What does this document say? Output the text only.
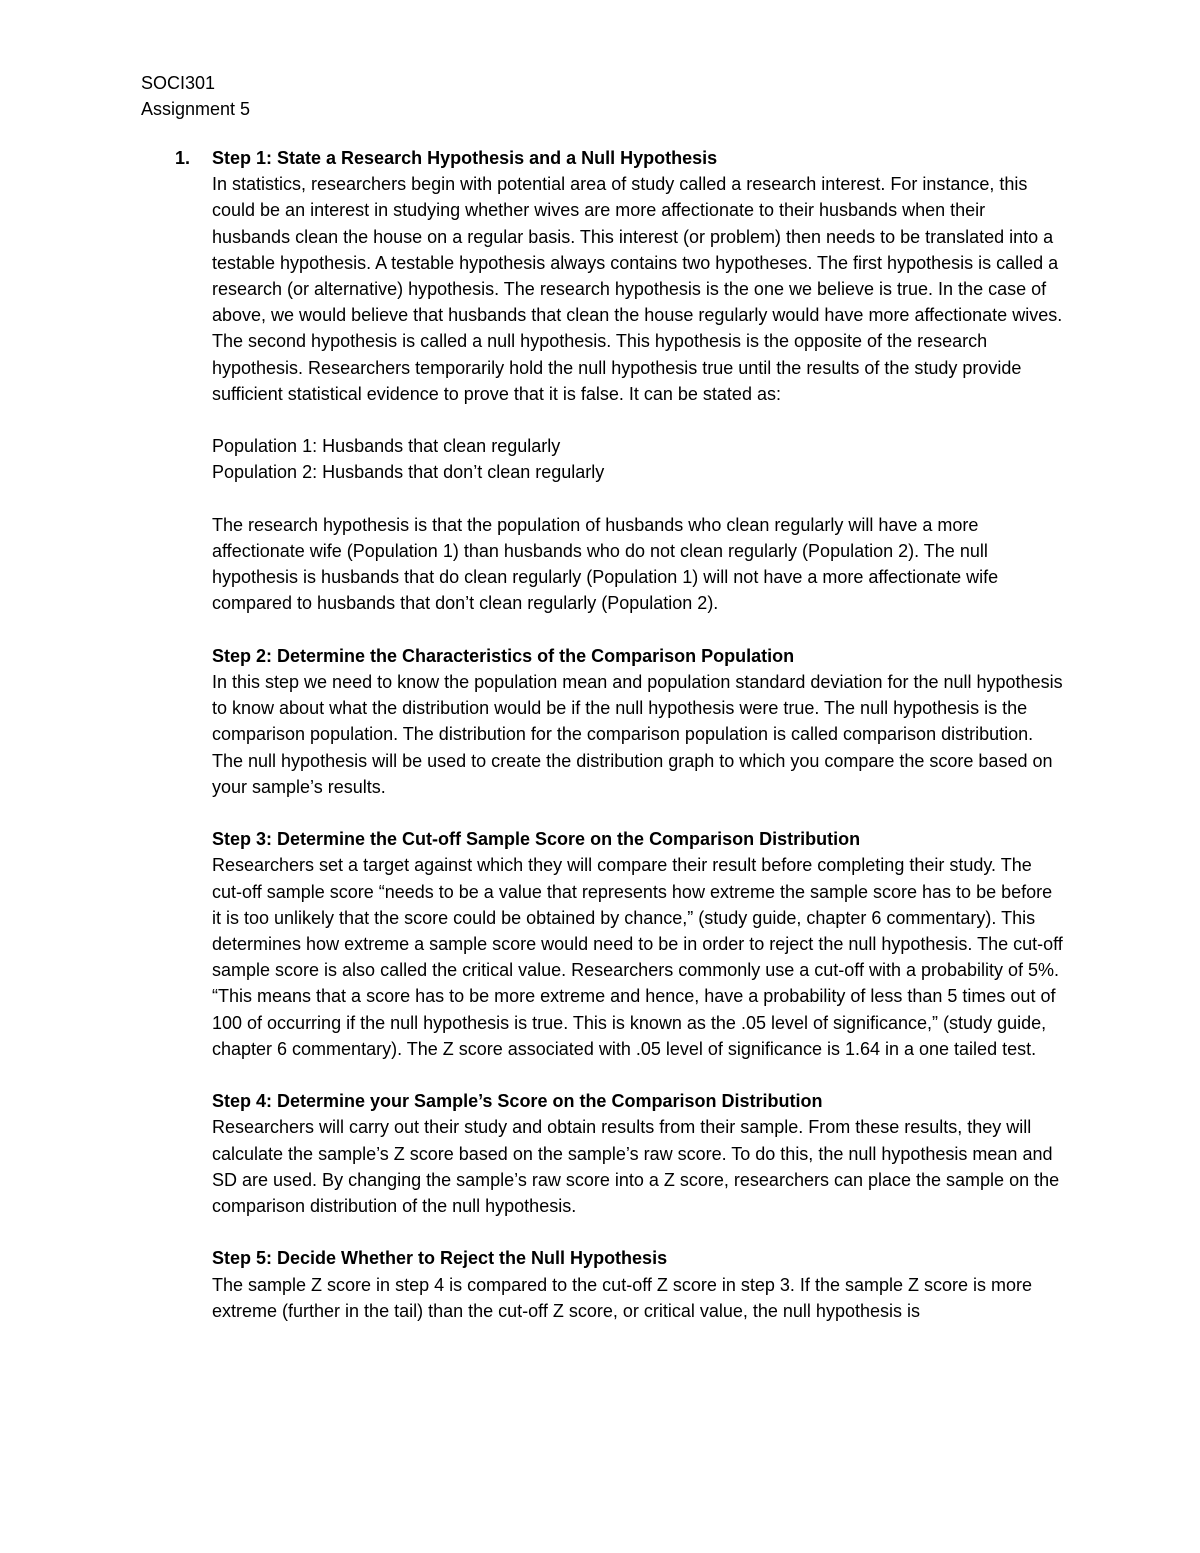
SOCI301
Assignment 5
1. Step 1: State a Research Hypothesis and a Null Hypothesis

In statistics, researchers begin with potential area of study called a research interest. For instance, this could be an interest in studying whether wives are more affectionate to their husbands when their husbands clean the house on a regular basis. This interest (or problem) then needs to be translated into a testable hypothesis. A testable hypothesis always contains two hypotheses. The first hypothesis is called a research (or alternative) hypothesis. The research hypothesis is the one we believe is true. In the case of above, we would believe that husbands that clean the house regularly would have more affectionate wives. The second hypothesis is called a null hypothesis. This hypothesis is the opposite of the research hypothesis. Researchers temporarily hold the null hypothesis true until the results of the study provide sufficient statistical evidence to prove that it is false. It can be stated as:

Population 1: Husbands that clean regularly
Population 2: Husbands that don’t clean regularly

The research hypothesis is that the population of husbands who clean regularly will have a more affectionate wife (Population 1) than husbands who do not clean regularly (Population 2). The null hypothesis is husbands that do clean regularly (Population 1) will not have a more affectionate wife compared to husbands that don’t clean regularly (Population 2).

Step 2: Determine the Characteristics of the Comparison Population

In this step we need to know the population mean and population standard deviation for the null hypothesis to know about what the distribution would be if the null hypothesis were true. The null hypothesis is the comparison population. The distribution for the comparison population is called comparison distribution. The null hypothesis will be used to create the distribution graph to which you compare the score based on your sample’s results.

Step 3: Determine the Cut-off Sample Score on the Comparison Distribution

Researchers set a target against which they will compare their result before completing their study. The cut-off sample score “needs to be a value that represents how extreme the sample score has to be before it is too unlikely that the score could be obtained by chance,” (study guide, chapter 6 commentary). This determines how extreme a sample score would need to be in order to reject the null hypothesis. The cut-off sample score is also called the critical value. Researchers commonly use a cut-off with a probability of 5%. “This means that a score has to be more extreme and hence, have a probability of less than 5 times out of 100 of occurring if the null hypothesis is true. This is known as the .05 level of significance,” (study guide, chapter 6 commentary). The Z score associated with .05 level of significance is 1.64 in a one tailed test.

Step 4: Determine your Sample’s Score on the Comparison Distribution

Researchers will carry out their study and obtain results from their sample. From these results, they will calculate the sample’s Z score based on the sample’s raw score. To do this, the null hypothesis mean and SD are used. By changing the sample’s raw score into a Z score, researchers can place the sample on the comparison distribution of the null hypothesis.

Step 5: Decide Whether to Reject the Null Hypothesis

The sample Z score in step 4 is compared to the cut-off Z score in step 3. If the sample Z score is more extreme (further in the tail) than the cut-off Z score, or critical value, the null hypothesis is
